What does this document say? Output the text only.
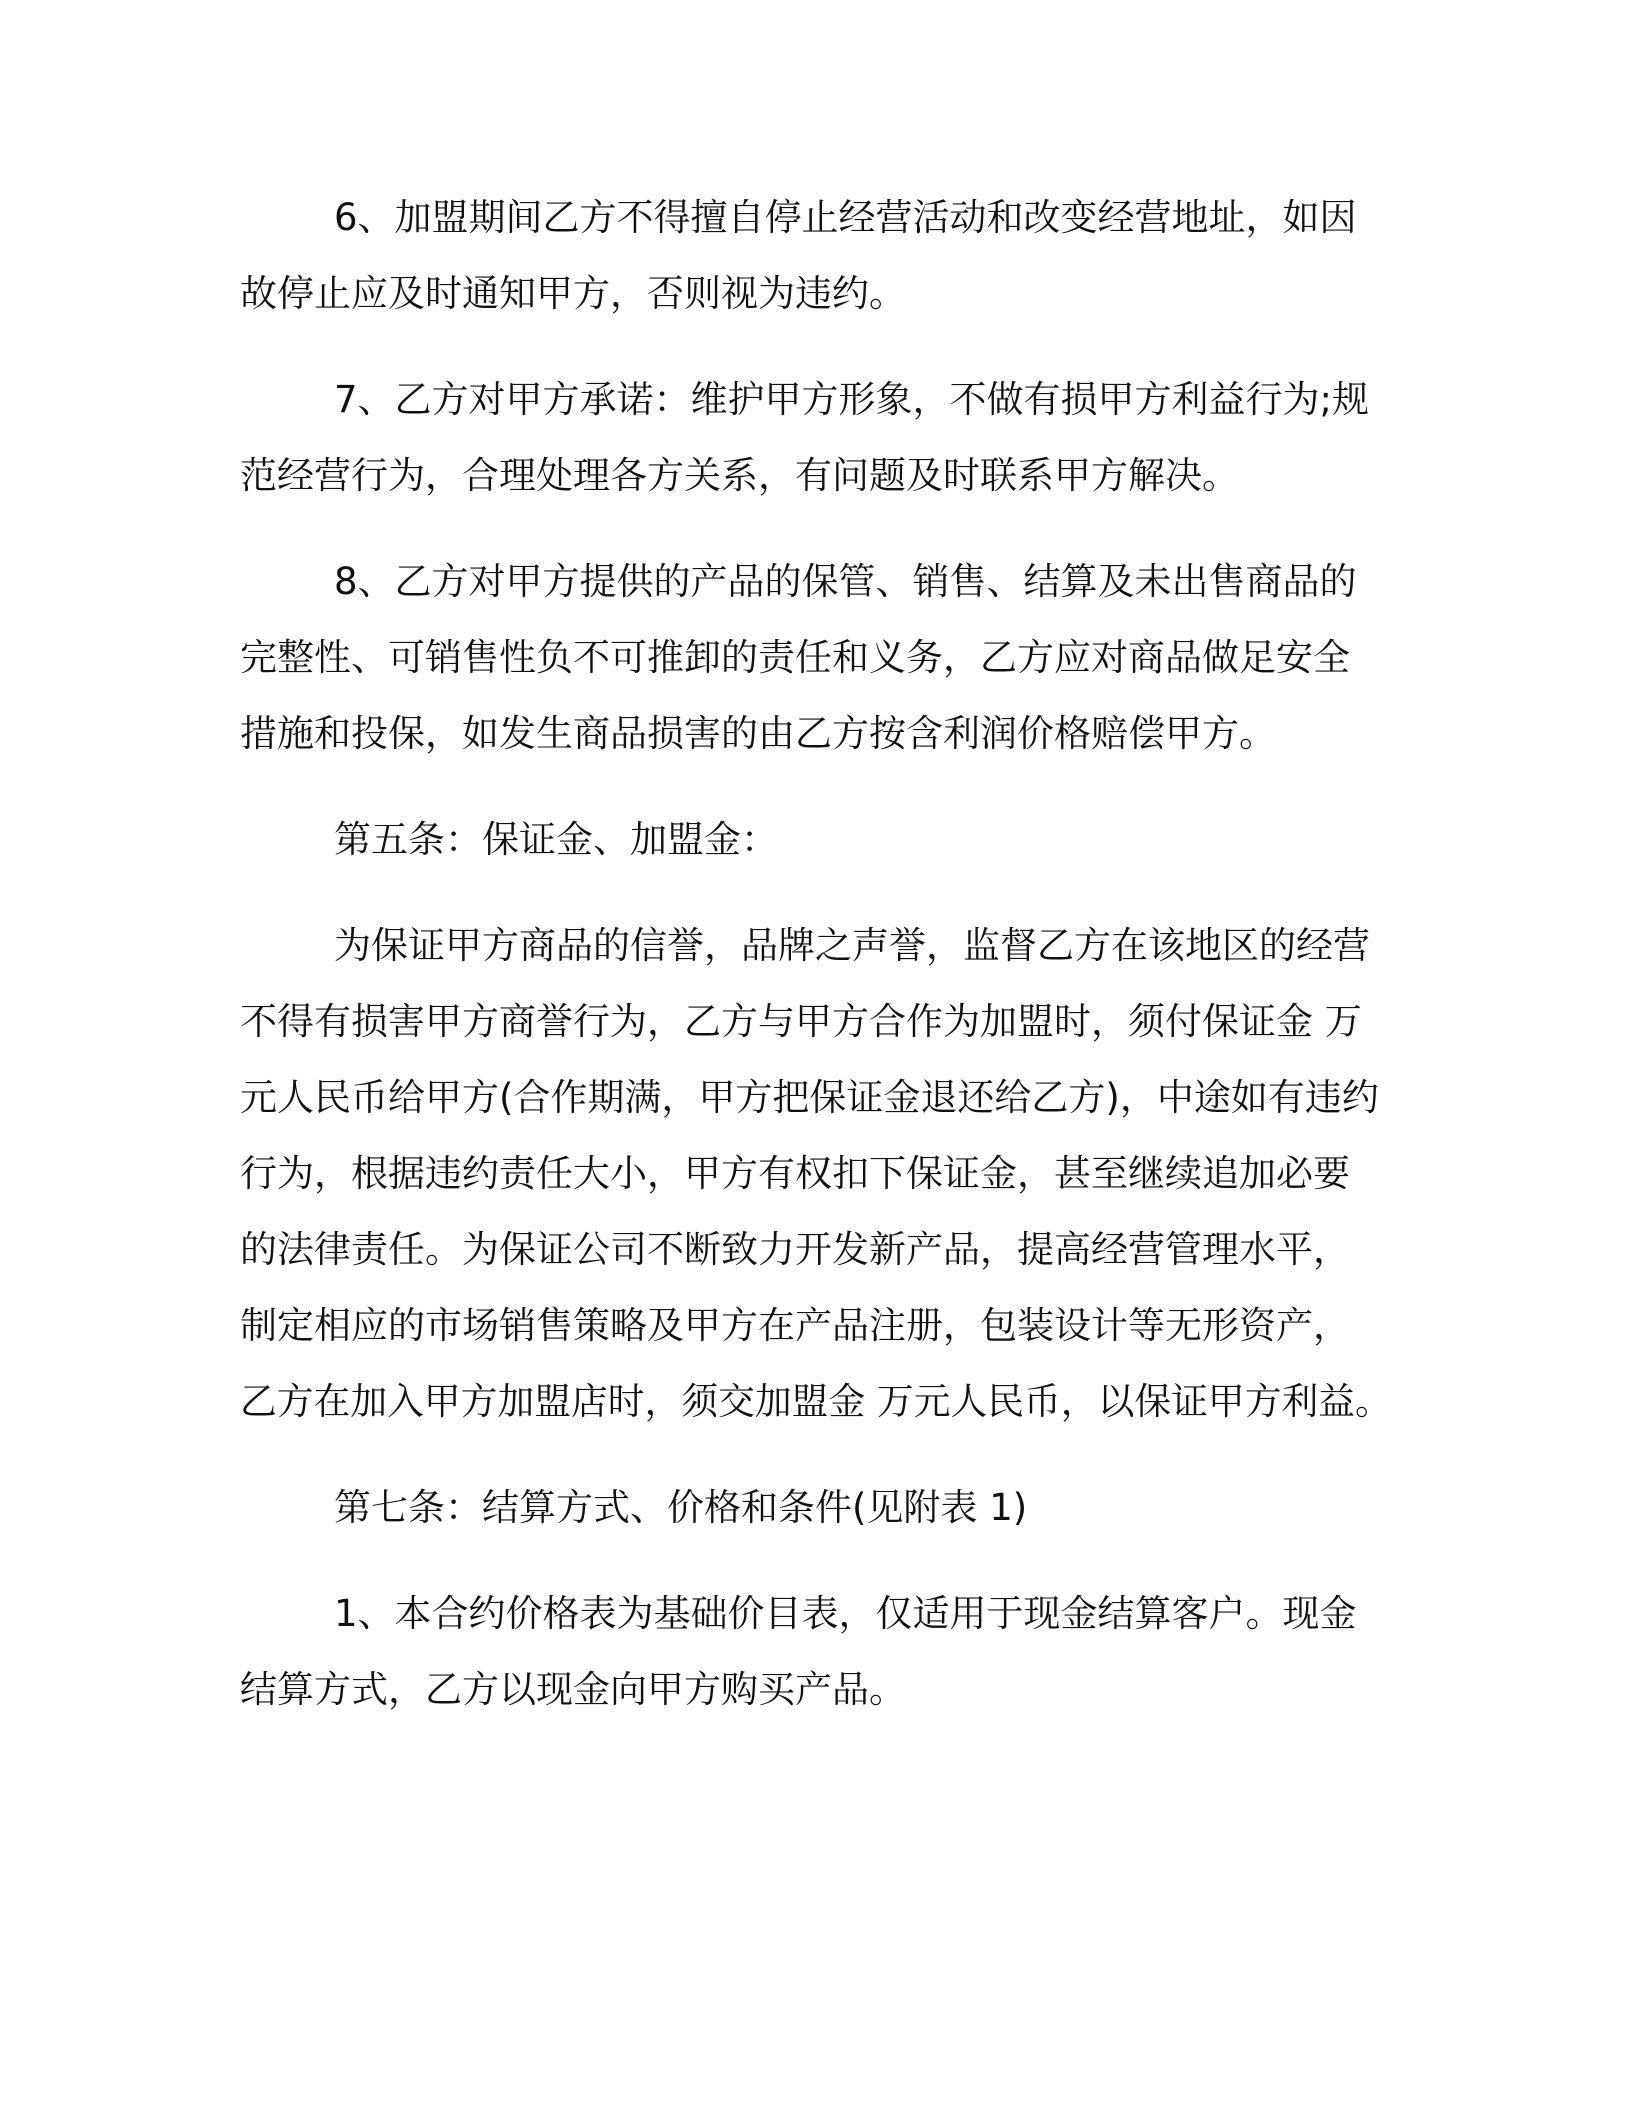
6、加盟期间乙方不得擅自停止经营活动和改变经营地址，如因

故停止应及时通知甲方，否则视为违约。

7、乙方对甲方承诺：维护甲方形象，不做有损甲方利益行为;规

范经营行为，合理处理各方关系，有问题及时联系甲方解决。

8、乙方对甲方提供的产品的保管、销售、结算及未出售商品的

完整性、可销售性负不可推卸的责任和义务，乙方应对商品做足安全

措施和投保，如发生商品损害的由乙方按含利润价格赔偿甲方。

第五条：保证金、加盟金：

为保证甲方商品的信誉，品牌之声誉，监督乙方在该地区的经营

不得有损害甲方商誉行为，乙方与甲方合作为加盟时，须付保证金 万

元人民币给甲方(合作期满，甲方把保证金退还给乙方)，中途如有违约

行为，根据违约责任大小，甲方有权扣下保证金，甚至继续追加必要

的法律责任。为保证公司不断致力开发新产品，提高经营管理水平，

制定相应的市场销售策略及甲方在产品注册，包装设计等无形资产，

乙方在加入甲方加盟店时，须交加盟金 万元人民币，以保证甲方利益。

第七条：结算方式、价格和条件(见附表 1)

1、本合约价格表为基础价目表，仅适用于现金结算客户。现金

结算方式，乙方以现金向甲方购买产品。
